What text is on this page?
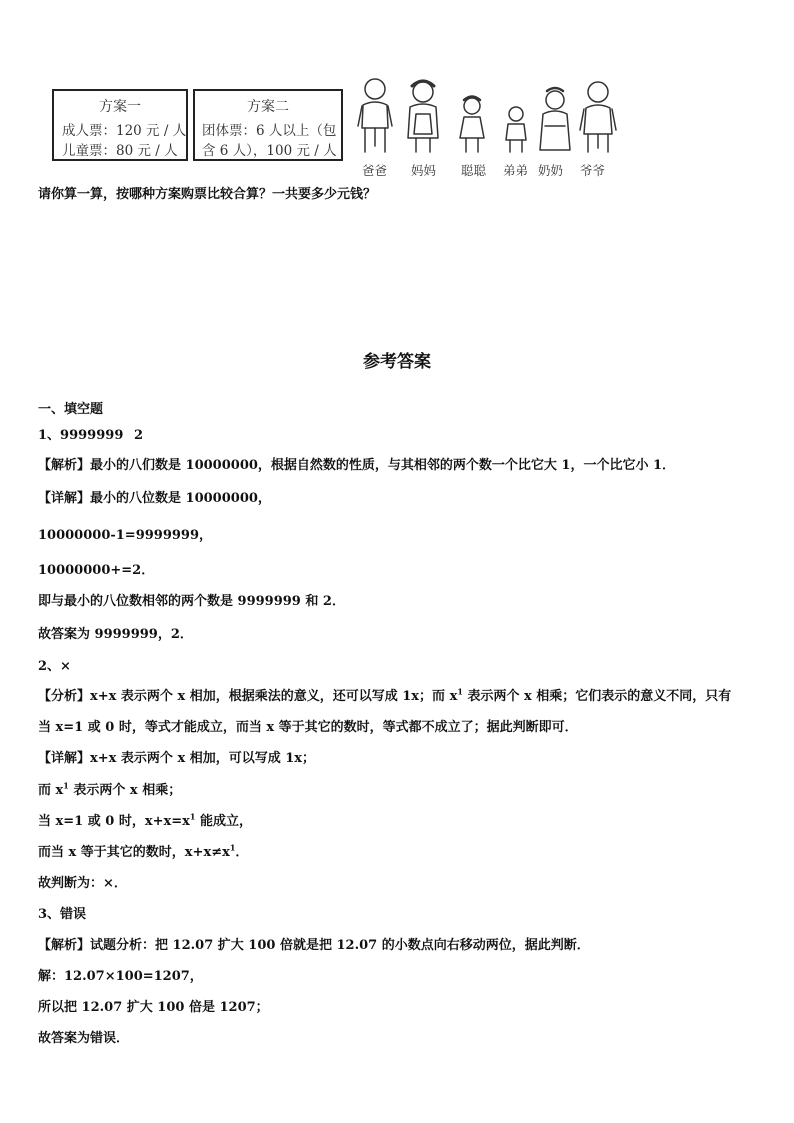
方案一
成人票：120 元 / 人
儿童票：80 元 / 人
方案二
团体票：6 人以上（包
含 6 人），100 元 / 人
爸爸 妈妈 聪聪 弟弟 奶奶 爷爷
请你算一算，按哪种方案购票比较合算？一共要多少元钱？
参考答案
一、填空题
1、9999999 2
【解析】最小的八们数是 10000000，根据自然数的性质，与其相邻的两个数一个比它大 1，一个比它小 1．
【详解】最小的八位数是 10000000，
10000000-1=9999999，
10000000+=2．
即与最小的八位数相邻的两个数是 9999999 和 2．
故答案为 9999999，2．
2、×
【分析】x+x 表示两个 x 相加，根据乘法的意义，还可以写成 1x；而 $x^1$ 表示两个 x 相乘；它们表示的意义不同，只有
当 x=1 或 0 时，等式才能成立，而当 x 等于其它的数时，等式都不成立了；据此判断即可．
【详解】x+x 表示两个 x 相加，可以写成 1x；
而 $x^1$ 表示两个 x 相乘；
当 x=1 或 0 时，$x+x=x^1$ 能成立，
而当 x 等于其它的数时，$x+x\ne x^1$．
故判断为：×．
3、错误
【解析】试题分析：把 12.07 扩大 100 倍就是把 12.07 的小数点向右移动两位，据此判断．
解：12.07×100=1207，
所以把 12.07 扩大 100 倍是 1207；
故答案为错误．
